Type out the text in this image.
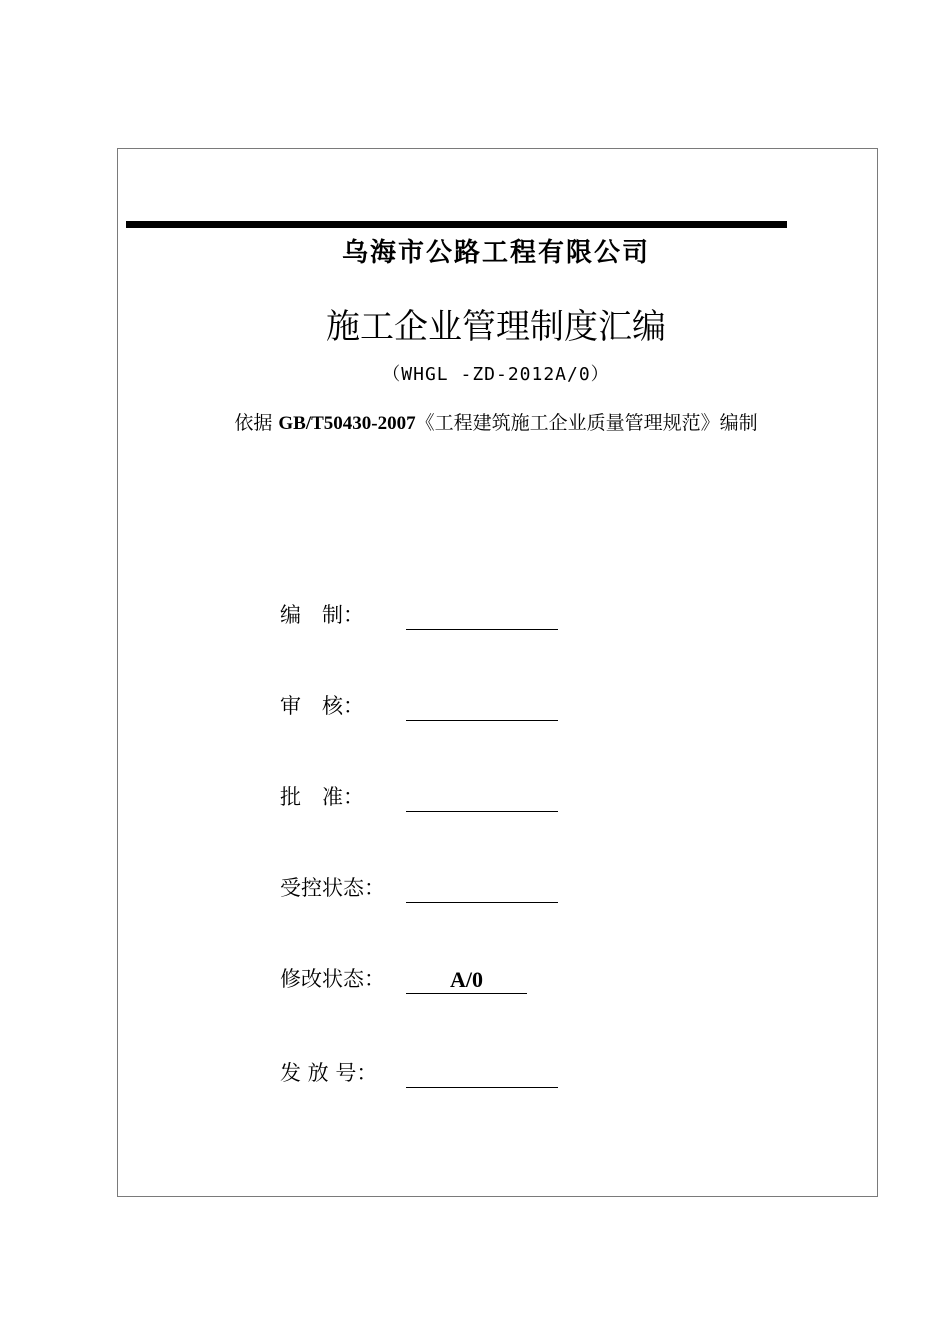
乌海市公路工程有限公司
施工企业管理制度汇编
（WHGL -ZD-2012A/0）
依据 GB/T50430-2007《工程建筑施工企业质量管理规范》编制
编　制：
审　核：
批　准：
受控状态：
修改状态：	A/0
发 放 号：
